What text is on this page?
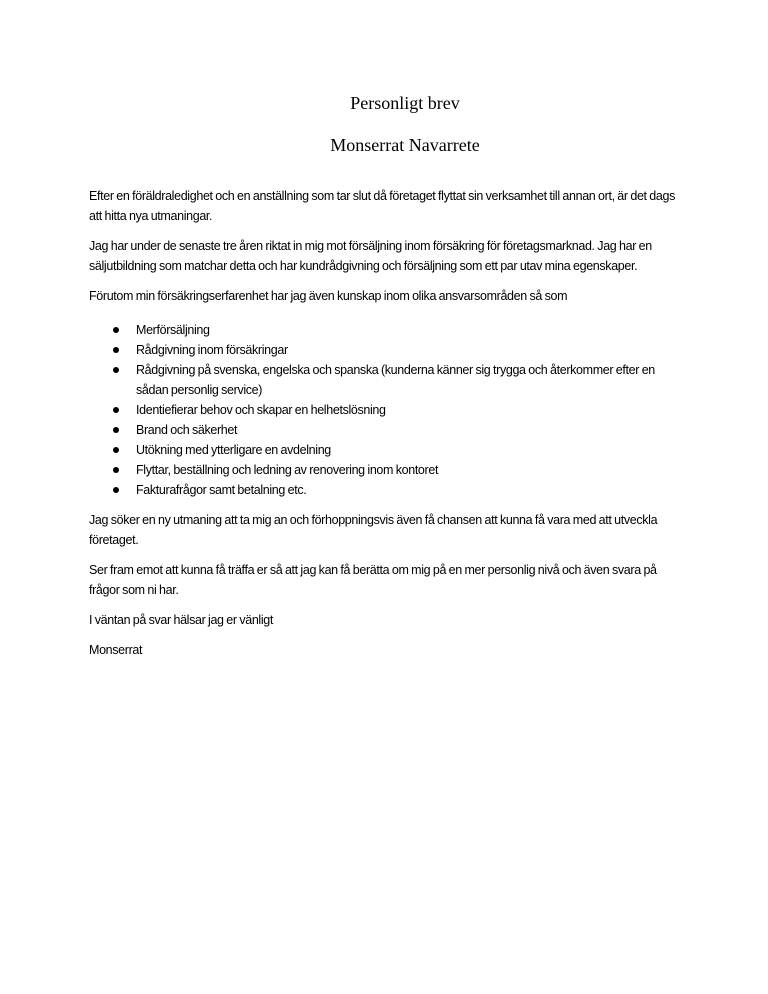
Personligt brev
Monserrat Navarrete

Efter en föräldraledighet och en anställning som tar slut då företaget flyttat sin verksamhet till annan ort, är det dags att hitta nya utmaningar.

Jag har under de senaste tre åren riktat in mig mot försäljning inom försäkring för företagsmarknad. Jag har en säljutbildning som matchar detta och har kundrådgivning och försäljning som ett par utav mina egenskaper.

Förutom min försäkringserfarenhet har jag även kunskap inom olika ansvarsområden så som

Merförsäljning
Rådgivning inom försäkringar
Rådgivning på svenska, engelska och spanska (kunderna känner sig trygga och återkommer efter en sådan personlig service)
Identiefierar behov och skapar en helhetslösning
Brand och säkerhet
Utökning med ytterligare en avdelning
Flyttar, beställning och ledning av renovering inom kontoret
Fakturafrågor samt betalning etc.

Jag söker en ny utmaning att ta mig an och förhoppningsvis även få chansen att kunna få vara med att utveckla företaget.

Ser fram emot att kunna få träffa er så att jag kan få berätta om mig på en mer personlig nivå och även svara på frågor som ni har.

I väntan på svar hälsar jag er vänligt

Monserrat
